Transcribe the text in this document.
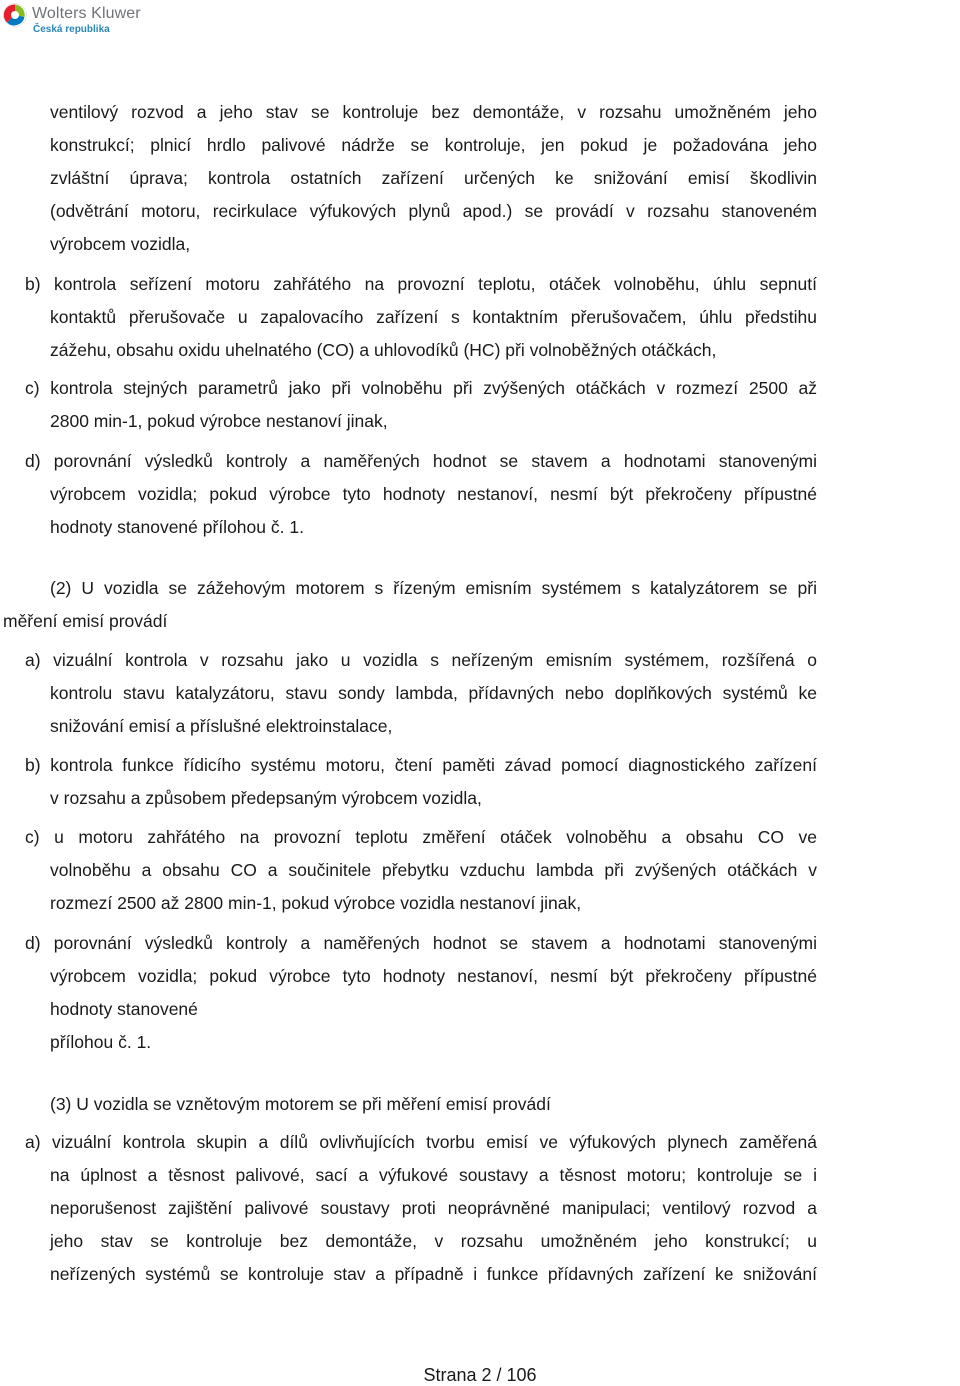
Wolters Kluwer
Česká republika
ventilový rozvod a jeho stav se kontroluje bez demontáže, v rozsahu umožněném jeho
konstrukcí; plnicí hrdlo palivové nádrže se kontroluje, jen pokud je požadována jeho
zvláštní úprava; kontrola ostatních zařízení určených ke snižování emisí škodlivin
(odvětrání motoru, recirkulace výfukových plynů apod.) se provádí v rozsahu stanoveném
výrobcem vozidla,
b) kontrola seřízení motoru zahřátého na provozní teplotu, otáček volnoběhu, úhlu sepnutí
kontaktů přerušovače u zapalovacího zařízení s kontaktním přerušovačem, úhlu předstihu
zážehu, obsahu oxidu uhelnatého (CO) a uhlovodíků (HC) při volnoběžných otáčkách,
c) kontrola stejných parametrů jako při volnoběhu při zvýšených otáčkách v rozmezí 2500 až
2800 min-1, pokud výrobce nestanoví jinak,
d) porovnání výsledků kontroly a naměřených hodnot se stavem a hodnotami stanovenými
výrobcem vozidla; pokud výrobce tyto hodnoty nestanoví, nesmí být překročeny přípustné
hodnoty stanovené přílohou č. 1.
(2) U vozidla se zážehovým motorem s řízeným emisním systémem s katalyzátorem se při
měření emisí provádí
a) vizuální kontrola v rozsahu jako u vozidla s neřízeným emisním systémem, rozšířená o
kontrolu stavu katalyzátoru, stavu sondy lambda, přídavných nebo doplňkových systémů ke
snižování emisí a příslušné elektroinstalace,
b) kontrola funkce řídicího systému motoru, čtení paměti závad pomocí diagnostického zařízení
v rozsahu a způsobem předepsaným výrobcem vozidla,
c) u motoru zahřátého na provozní teplotu změření otáček volnoběhu a obsahu CO ve
volnoběhu a obsahu CO a součinitele přebytku vzduchu lambda při zvýšených otáčkách v
rozmezí 2500 až 2800 min-1, pokud výrobce vozidla nestanoví jinak,
d) porovnání výsledků kontroly a naměřených hodnot se stavem a hodnotami stanovenými
výrobcem vozidla; pokud výrobce tyto hodnoty nestanoví, nesmí být překročeny přípustné
hodnoty stanovené
přílohou č. 1.
(3) U vozidla se vznětovým motorem se při měření emisí provádí
a) vizuální kontrola skupin a dílů ovlivňujících tvorbu emisí ve výfukových plynech zaměřená
na úplnost a těsnost palivové, sací a výfukové soustavy a těsnost motoru; kontroluje se i
neporušenost zajištění palivové soustavy proti neoprávněné manipulaci; ventilový rozvod a
jeho stav se kontroluje bez demontáže, v rozsahu umožněném jeho konstrukcí; u
neřízených systémů se kontroluje stav a případně i funkce přídavných zařízení ke snižování
Strana 2 / 106
